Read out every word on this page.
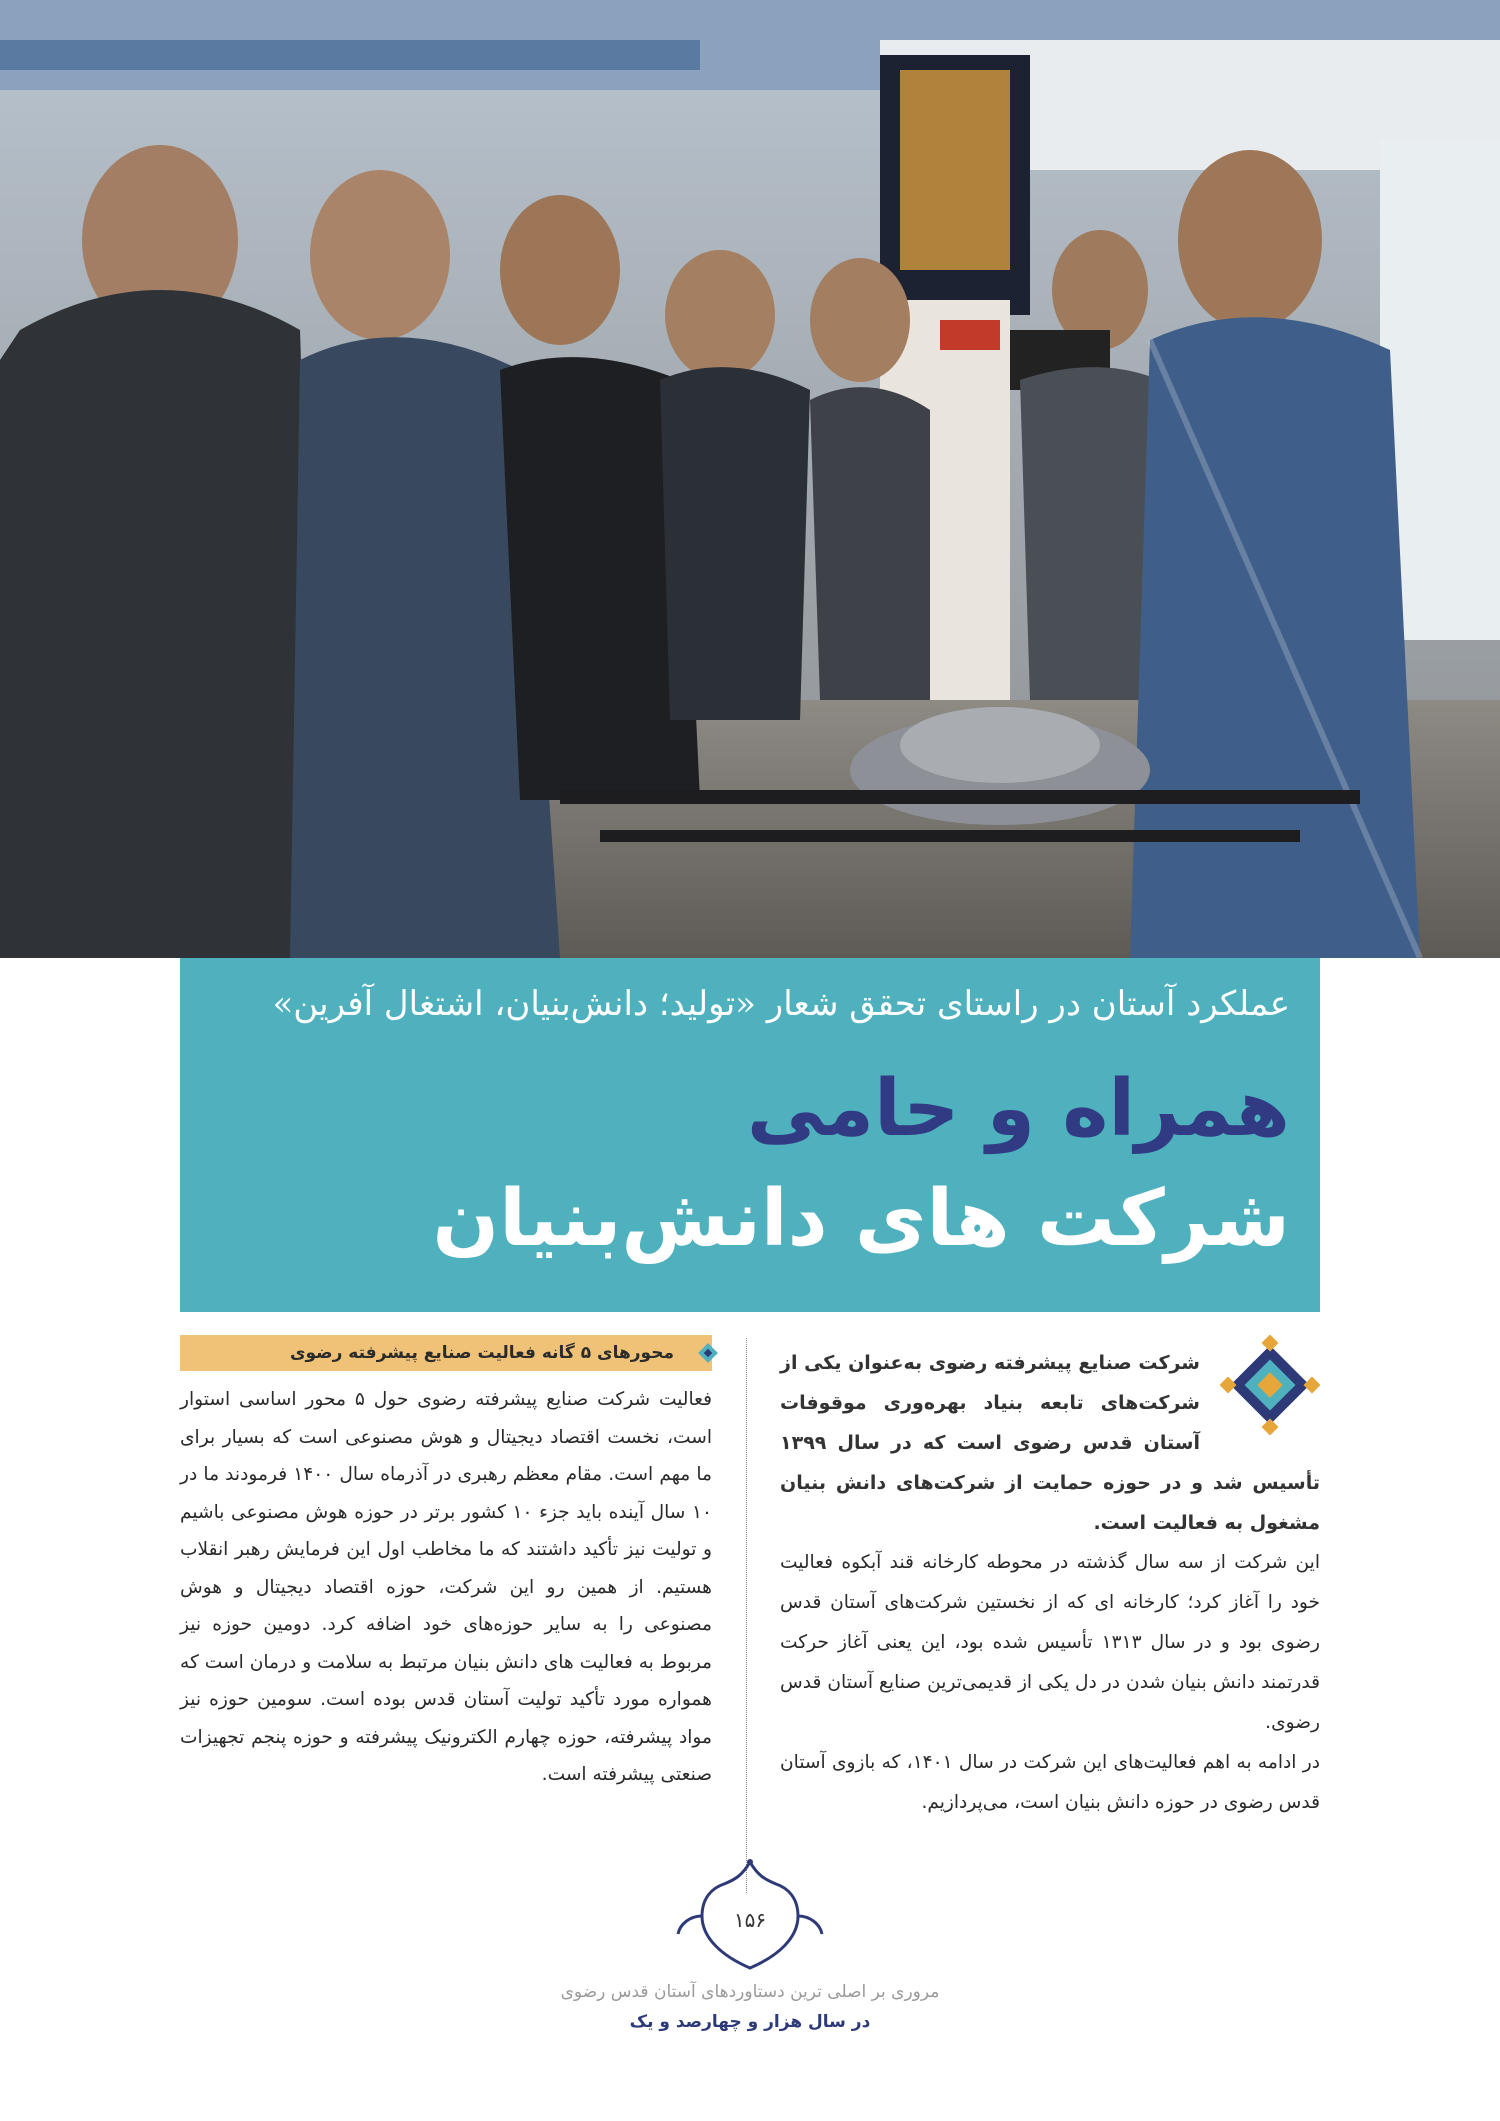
عملکرد آستان در راستای تحقق شعار «تولید؛ دانش‌بنیان، اشتغال آفرین»
همراه و حامی
شرکت های دانش‌بنیان
محورهای ۵ گانه فعالیت صنایع پیشرفته رضوی
فعالیت شرکت صنایع پیشرفته رضوی حول ۵ محور اساسی استوار است، نخست اقتصاد دیجیتال و هوش مصنوعی است که بسیار برای ما مهم است. مقام معظم رهبری در آذرماه سال ۱۴۰۰ فرمودند ما در ۱۰ سال آینده باید جزء ۱۰ کشور برتر در حوزه هوش مصنوعی باشیم و تولیت نیز تأکید داشتند که ما مخاطب اول این فرمایش رهبر انقلاب هستیم. از همین رو این شرکت، حوزه اقتصاد دیجیتال و هوش مصنوعی را به سایر حوزه‌های خود اضافه کرد. دومین حوزه نیز مربوط به فعالیت های دانش بنیان مرتبط به سلامت و درمان است که همواره مورد تأکید تولیت آستان قدس بوده است. سومین حوزه نیز مواد پیشرفته، حوزه چهارم الکترونیک پیشرفته و حوزه پنجم تجهیزات صنعتی پیشرفته است.
شرکت صنایع پیشرفته رضوی به‌عنوان یکی از شرکت‌های تابعه بنیاد بهره‌وری موقوفات آستان قدس رضوی است که در سال ۱۳۹۹ تأسیس شد و در حوزه حمایت از شرکت‌های دانش بنیان مشغول به فعالیت است.
این شرکت از سه سال گذشته در محوطه کارخانه قند آبکوه فعالیت خود را آغاز کرد؛ کارخانه ای که از نخستین شرکت‌های آستان قدس رضوی بود و در سال ۱۳۱۳ تأسیس شده بود، این یعنی آغاز حرکت قدرتمند دانش بنیان شدن در دل یکی از قدیمی‌ترین صنایع آستان قدس رضوی.
در ادامه به اهم فعالیت‌های این شرکت در سال ۱۴۰۱، که بازوی آستان قدس رضوی در حوزه دانش بنیان است، می‌پردازیم.
۱۵۶
مروری بر اصلی ترین دستاوردهای آستان قدس رضوی
در سال هزار و چهارصد و یک
